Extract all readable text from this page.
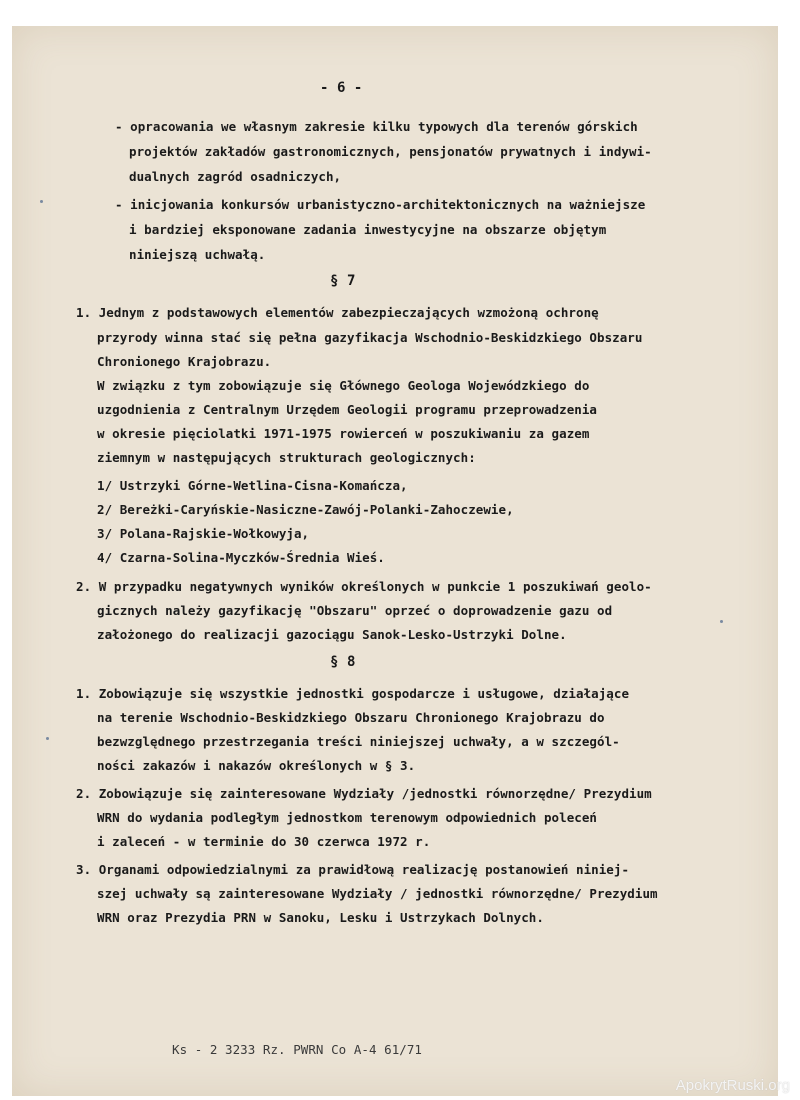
- 6 -
- opracowania we własnym zakresie kilku typowych dla terenów górskich
projektów zakładów gastronomicznych, pensjonatów prywatnych i indywi-
dualnych zagród osadniczych,
- inicjowania konkursów urbanistyczno-architektonicznych na ważniejsze
i bardziej eksponowane zadania inwestycyjne na obszarze objętym
niniejszą uchwałą.
§ 7
1. Jednym z podstawowych elementów zabezpieczających wzmożoną ochronę
przyrody winna stać się pełna gazyfikacja Wschodnio-Beskidzkiego Obszaru
Chronionego Krajobrazu.
W związku z tym zobowiązuje się Głównego Geologa Wojewódzkiego do
uzgodnienia z Centralnym Urzędem Geologii programu przeprowadzenia
w okresie pięciolatki 1971-1975 rowierceń w poszukiwaniu za gazem
ziemnym w następujących strukturach geologicznych:
1/ Ustrzyki Górne-Wetlina-Cisna-Komańcza,
2/ Bereżki-Caryńskie-Nasiczne-Zawój-Polanki-Zahoczewie,
3/ Polana-Rajskie-Wołkowyja,
4/ Czarna-Solina-Myczków-Średnia Wieś.
2. W przypadku negatywnych wyników określonych w punkcie 1 poszukiwań geolo-
gicznych należy gazyfikację "Obszaru" oprzeć o doprowadzenie gazu od
założonego do realizacji gazociągu Sanok-Lesko-Ustrzyki Dolne.
§ 8
1. Zobowiązuje się wszystkie jednostki gospodarcze i usługowe, działające
na terenie Wschodnio-Beskidzkiego Obszaru Chronionego Krajobrazu do
bezwzględnego przestrzegania treści niniejszej uchwały, a w szczegól-
ności zakazów i nakazów określonych w § 3.
2. Zobowiązuje się zainteresowane Wydziały /jednostki równorzędne/ Prezydium
WRN do wydania podległym jednostkom terenowym odpowiednich poleceń
i zaleceń - w terminie do 30 czerwca 1972 r.
3. Organami odpowiedzialnymi za prawidłową realizację postanowień niniej-
szej uchwały są zainteresowane Wydziały / jednostki równorzędne/ Prezydium
WRN oraz Prezydia PRN w Sanoku, Lesku i Ustrzykach Dolnych.
Ks - 2 3233 Rz. PWRN Co A-4 61/71
ApokrytRuski.org
